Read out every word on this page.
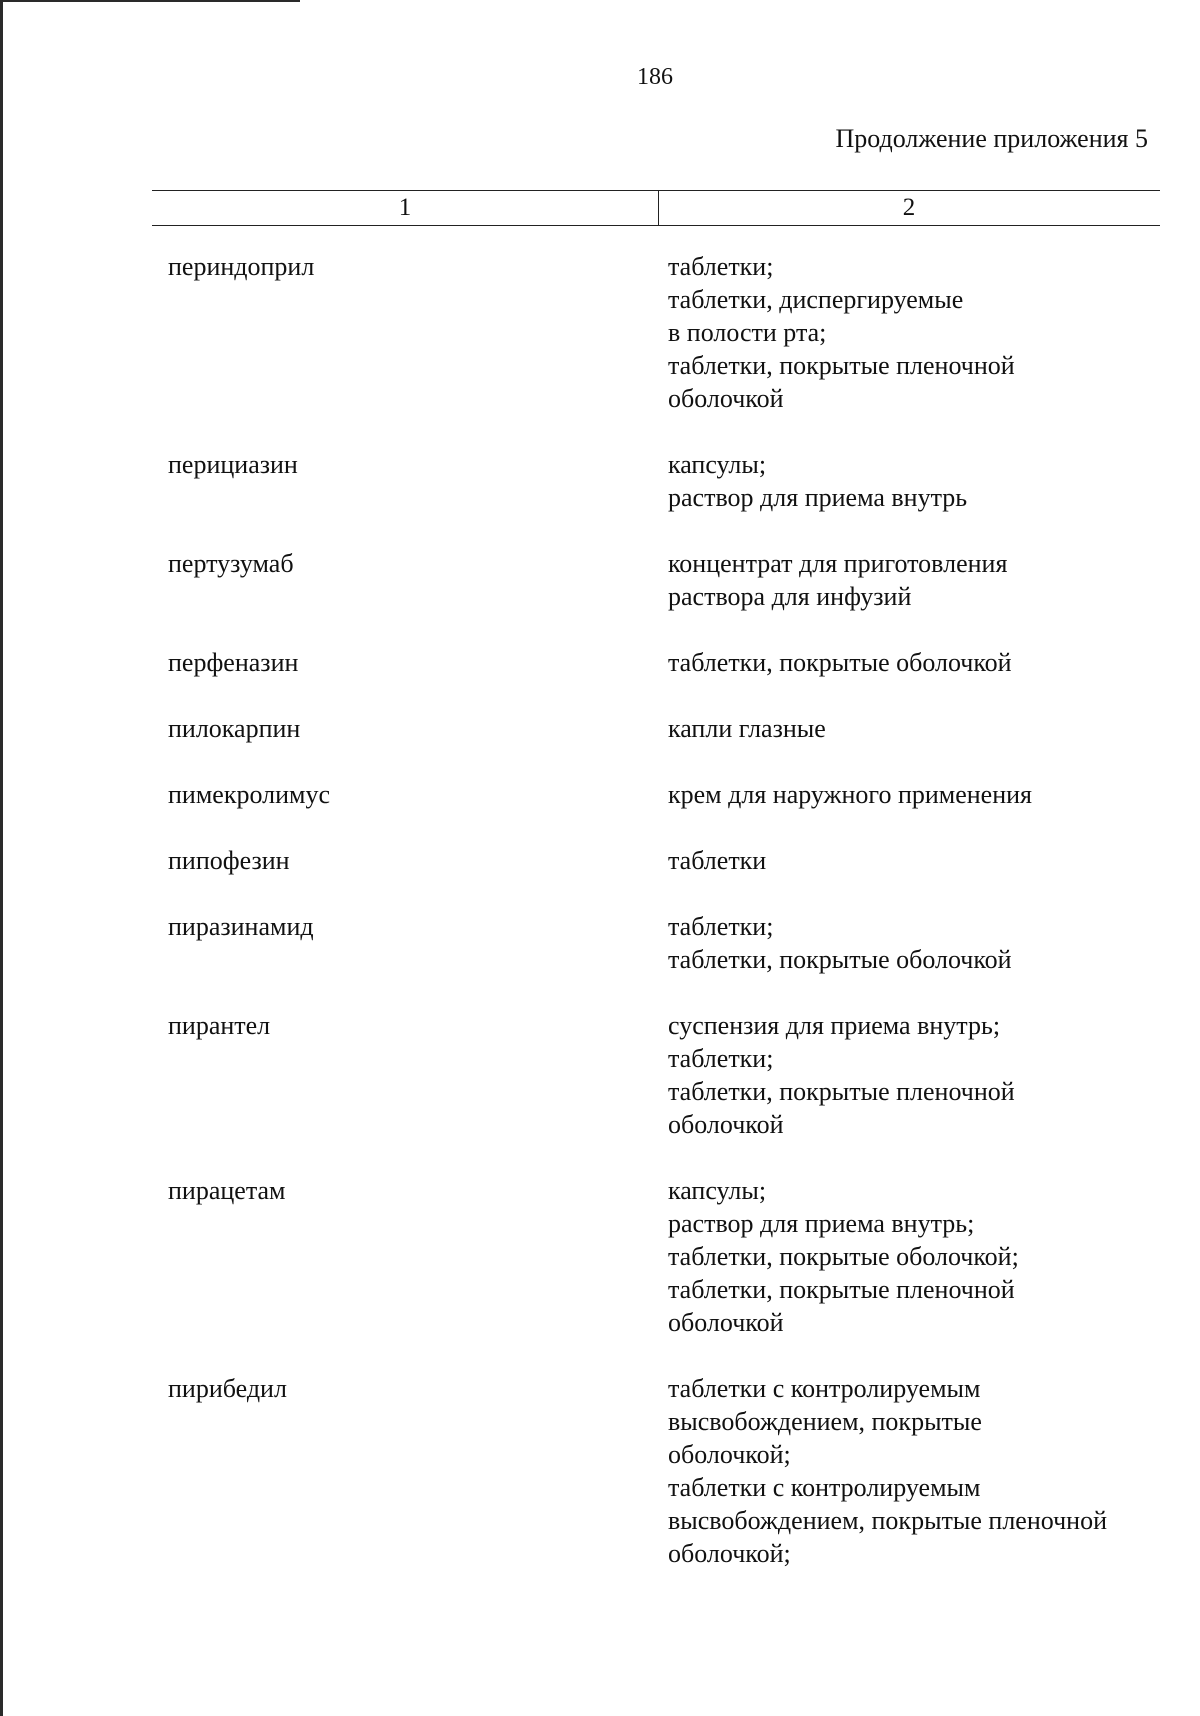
186
Продолжение приложения 5
1	2
периндоприл	таблетки;
таблетки, диспергируемые
в полости рта;
таблетки, покрытые пленочной
оболочкой
перициазин	капсулы;
раствор для приема внутрь
пертузумаб	концентрат для приготовления
раствора для инфузий
перфеназин	таблетки, покрытые оболочкой
пилокарпин	капли глазные
пимекролимус	крем для наружного применения
пипофезин	таблетки
пиразинамид	таблетки;
таблетки, покрытые оболочкой
пирантел	суспензия для приема внутрь;
таблетки;
таблетки, покрытые пленочной
оболочкой
пирацетам	капсулы;
раствор для приема внутрь;
таблетки, покрытые оболочкой;
таблетки, покрытые пленочной
оболочкой
пирибедил	таблетки с контролируемым
высвобождением, покрытые
оболочкой;
таблетки с контролируемым
высвобождением, покрытые пленочной
оболочкой;
